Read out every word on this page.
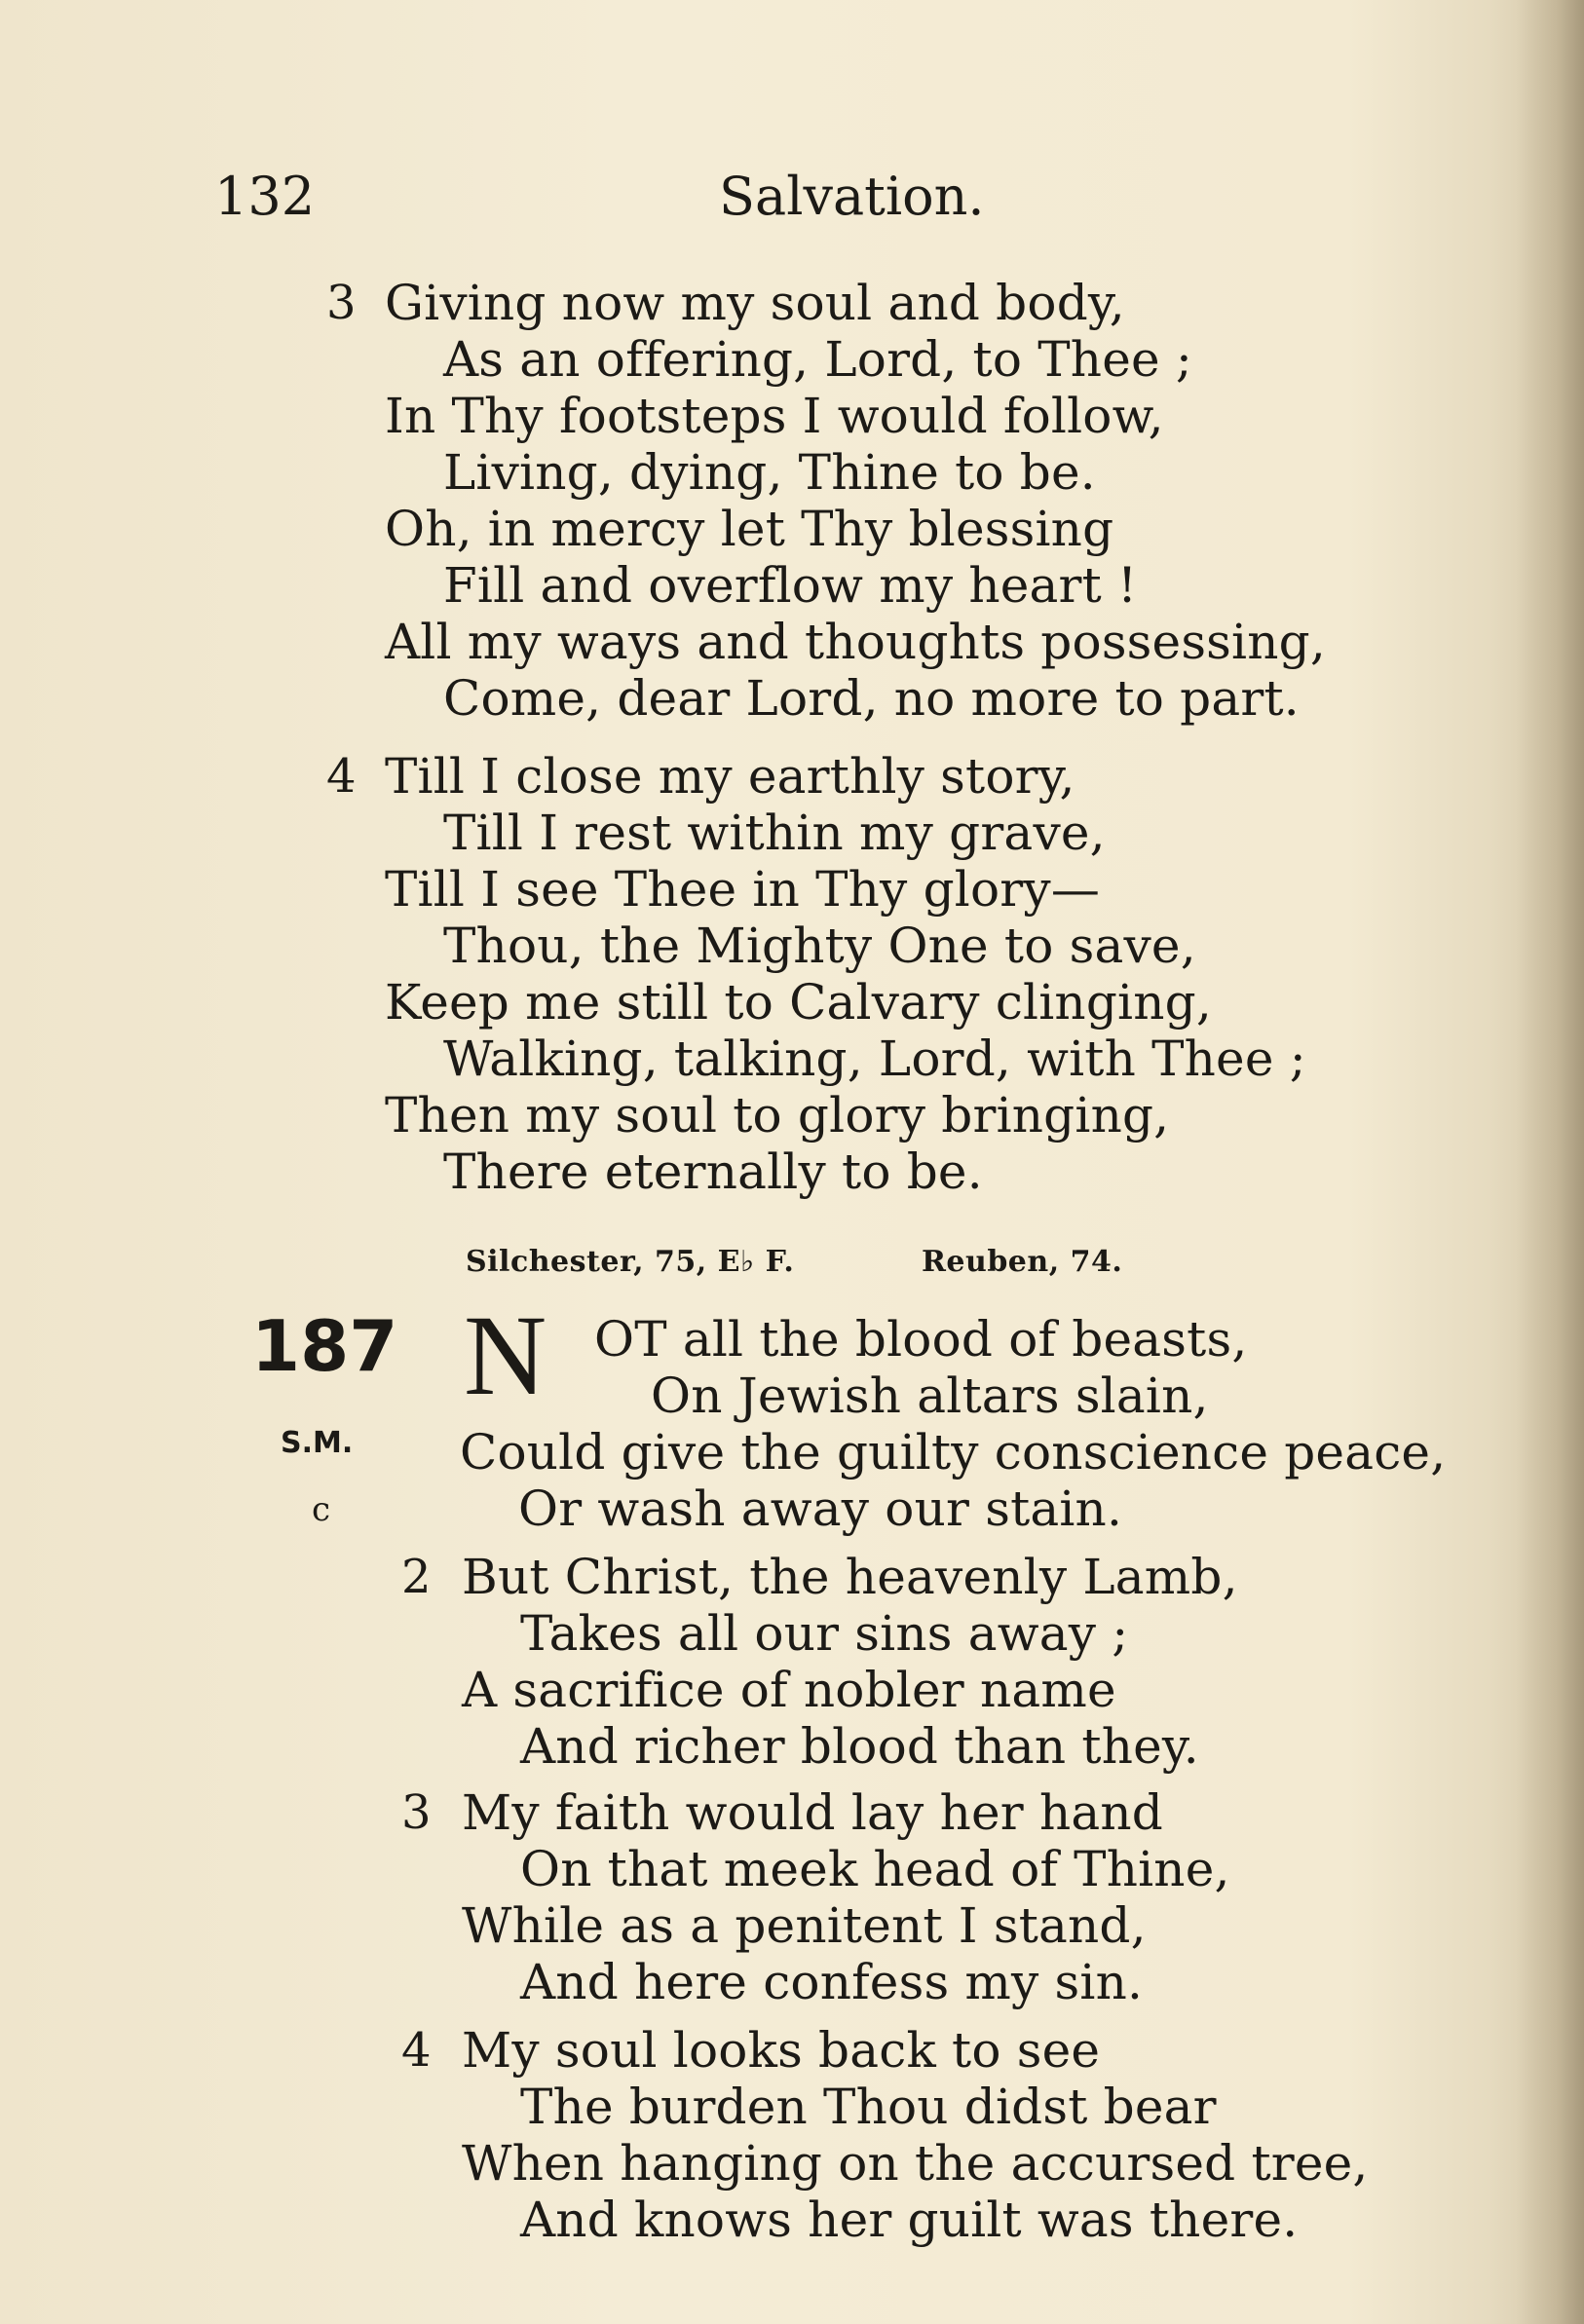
132	Salvation.
3 Giving now my soul and body,
As an offering, Lord, to Thee ;
In Thy footsteps I would follow,
Living, dying, Thine to be.
Oh, in mercy let Thy blessing
Fill and overflow my heart !
All my ways and thoughts possessing,
Come, dear Lord, no more to part.
4 Till I close my earthly story,
Till I rest within my grave,
Till I see Thee in Thy glory—
Thou, the Mighty One to save,
Keep me still to Calvary clinging,
Walking, talking, Lord, with Thee ;
Then my soul to glory bringing,
There eternally to be.
Silchester, 75, E♭ F.	Reuben, 74.
187
S.M.
c
N OT all the blood of beasts,
On Jewish altars slain,
Could give the guilty conscience peace,
Or wash away our stain.
2 But Christ, the heavenly Lamb,
Takes all our sins away ;
A sacrifice of nobler name
And richer blood than they.
3 My faith would lay her hand
On that meek head of Thine,
While as a penitent I stand,
And here confess my sin.
4 My soul looks back to see
The burden Thou didst bear
When hanging on the accursed tree,
And knows her guilt was there.
